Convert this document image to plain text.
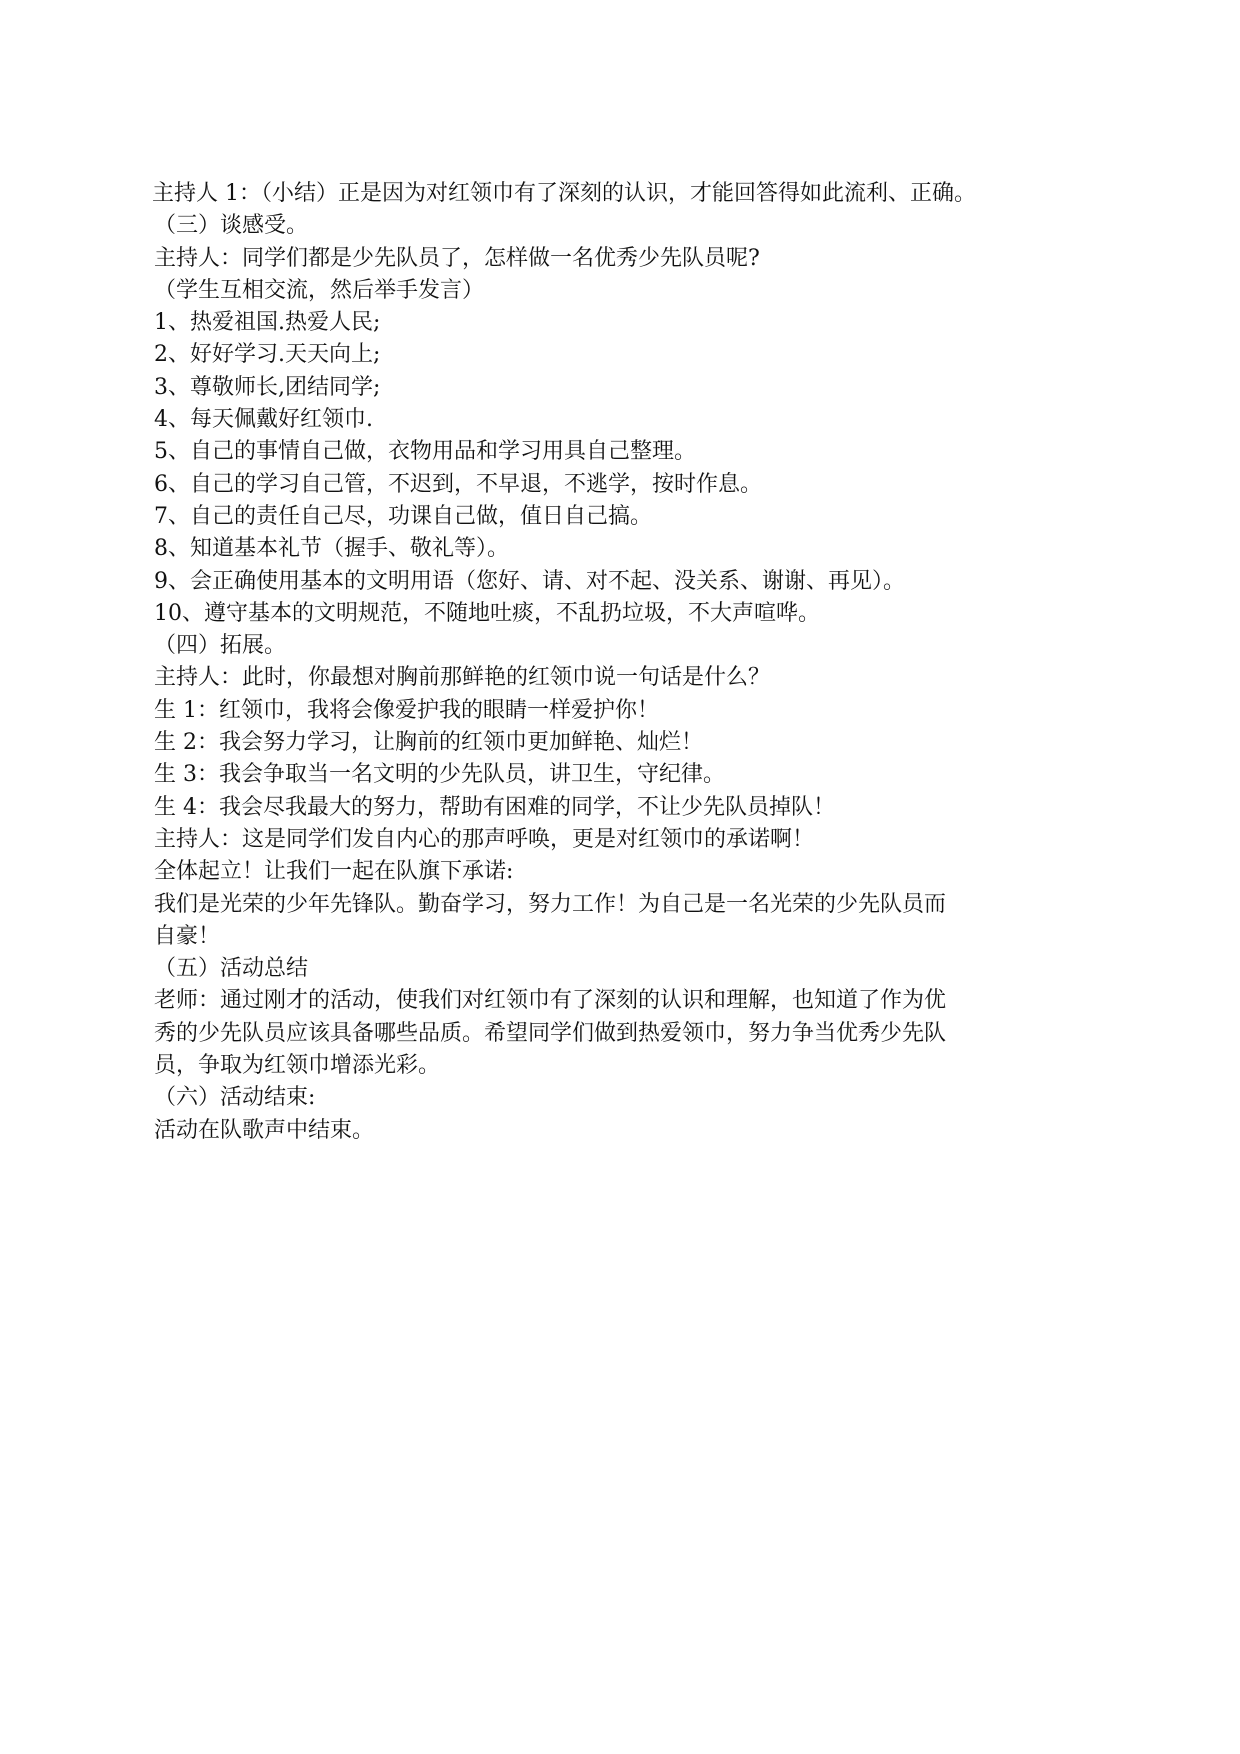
主持人 1：（小结）正是因为对红领巾有了深刻的认识，才能回答得如此流利、正确。

（三）谈感受。

主持人：同学们都是少先队员了，怎样做一名优秀少先队员呢?

（学生互相交流，然后举手发言）

1、热爱祖国.热爱人民;

2、好好学习.天天向上;

3、尊敬师长,团结同学;

4、每天佩戴好红领巾.

5、自己的事情自己做，衣物用品和学习用具自己整理。

6、自己的学习自己管，不迟到，不早退，不逃学，按时作息。

7、自己的责任自己尽，功课自己做，值日自己搞。

8、知道基本礼节（握手、敬礼等）。

9、会正确使用基本的文明用语（您好、请、对不起、没关系、谢谢、再见）。

10、遵守基本的文明规范，不随地吐痰，不乱扔垃圾，不大声喧哗。

（四）拓展。

主持人：此时，你最想对胸前那鲜艳的红领巾说一句话是什么？

生 1：红领巾，我将会像爱护我的眼睛一样爱护你！

生 2：我会努力学习，让胸前的红领巾更加鲜艳、灿烂！

生 3：我会争取当一名文明的少先队员，讲卫生，守纪律。

生 4：我会尽我最大的努力，帮助有困难的同学，不让少先队员掉队！

主持人：这是同学们发自内心的那声呼唤，更是对红领巾的承诺啊！

全体起立！让我们一起在队旗下承诺:

我们是光荣的少年先锋队。勤奋学习，努力工作！为自己是一名光荣的少先队员而

自豪！

（五）活动总结

老师：通过刚才的活动，使我们对红领巾有了深刻的认识和理解，也知道了作为优

秀的少先队员应该具备哪些品质。希望同学们做到热爱领巾，努力争当优秀少先队

员，争取为红领巾增添光彩。

（六）活动结束:

活动在队歌声中结束。
